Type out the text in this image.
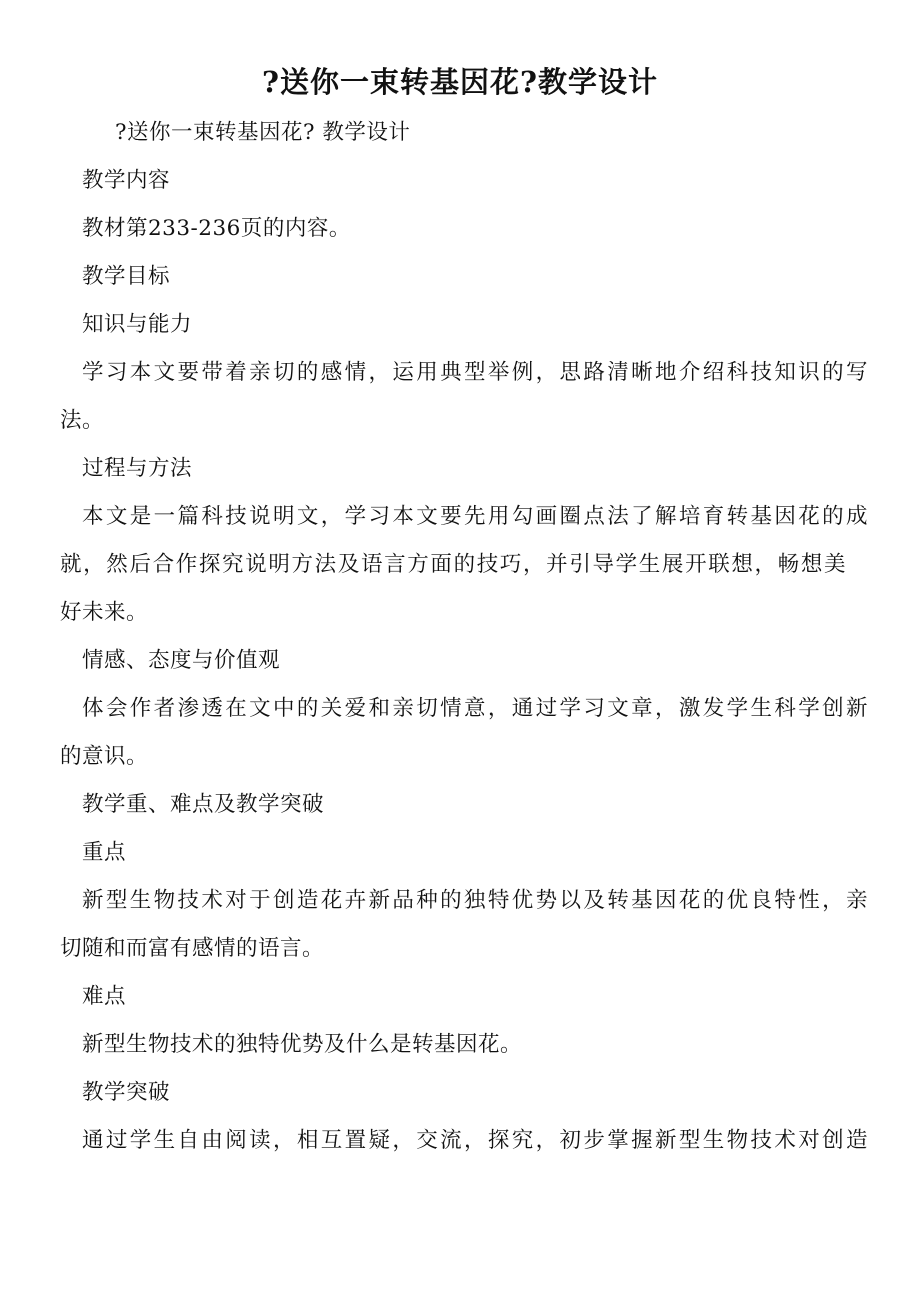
?送你一束转基因花?教学设计
?送你一束转基因花? 教学设计
教学内容
教材第233-236页的内容。
教学目标
知识与能力
学习本文要带着亲切的感情，运用典型举例，思路清晰地介绍科技知识的写
法。
过程与方法
本文是一篇科技说明文，学习本文要先用勾画圈点法了解培育转基因花的成
就，然后合作探究说明方法及语言方面的技巧，并引导学生展开联想，畅想美
好未来。
情感、态度与价值观
体会作者渗透在文中的关爱和亲切情意，通过学习文章，激发学生科学创新
的意识。
教学重、难点及教学突破
重点
新型生物技术对于创造花卉新品种的独特优势以及转基因花的优良特性，亲
切随和而富有感情的语言。
难点
新型生物技术的独特优势及什么是转基因花。
教学突破
通过学生自由阅读，相互置疑，交流，探究，初步掌握新型生物技术对创造
